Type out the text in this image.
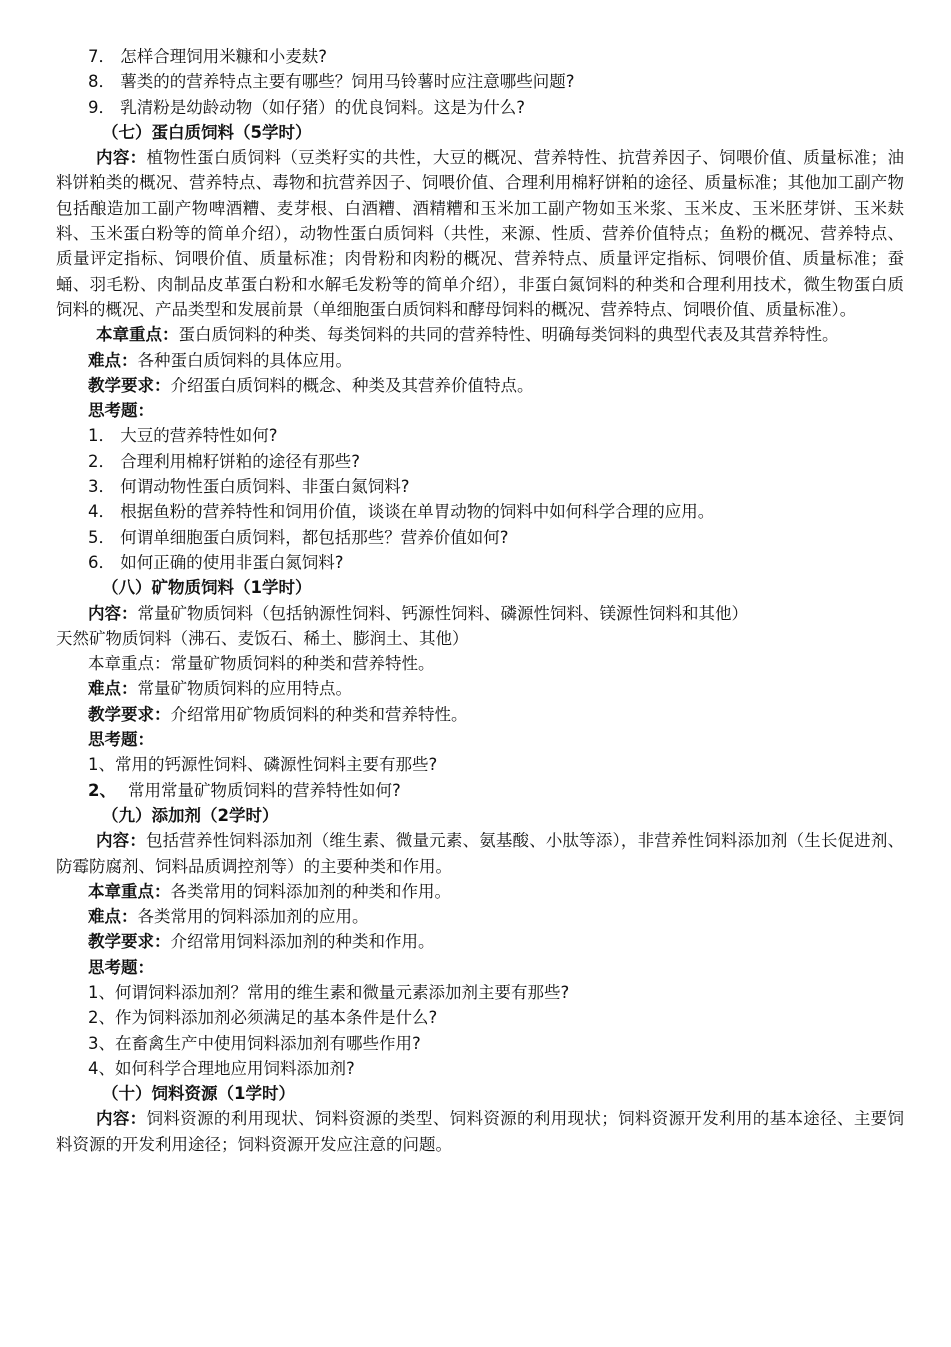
7． 怎样合理饲用米糠和小麦麸?

8． 薯类的的营养特点主要有哪些？饲用马铃薯时应注意哪些问题?

9． 乳清粉是幼龄动物（如仔猪）的优良饲料。这是为什么?

（七）蛋白质饲料（5学时）

内容：植物性蛋白质饲料（豆类籽实的共性，大豆的概况、营养特性、抗营养因子、饲喂价值、质量标准；油料饼粕类的概况、营养特点、毒物和抗营养因子、饲喂价值、合理利用棉籽饼粕的途径、质量标准；其他加工副产物包括酿造加工副产物啤酒糟、麦芽根、白酒糟、酒精糟和玉米加工副产物如玉米浆、玉米皮、玉米胚芽饼、玉米麸料、玉米蛋白粉等的简单介绍），动物性蛋白质饲料（共性，来源、性质、营养价值特点；鱼粉的概况、营养特点、质量评定指标、饲喂价值、质量标准；肉骨粉和肉粉的概况、营养特点、质量评定指标、饲喂价值、质量标准；蚕蛹、羽毛粉、肉制品皮革蛋白粉和水解毛发粉等的简单介绍），非蛋白氮饲料的种类和合理利用技术，微生物蛋白质饲料的概况、产品类型和发展前景（单细胞蛋白质饲料和酵母饲料的概况、营养特点、饲喂价值、质量标准）。

本章重点：蛋白质饲料的种类、每类饲料的共同的营养特性、明确每类饲料的典型代表及其营养特性。

难点：各种蛋白质饲料的具体应用。

教学要求：介绍蛋白质饲料的概念、种类及其营养价值特点。

思考题：

1． 大豆的营养特性如何?

2． 合理利用棉籽饼粕的途径有那些?

3． 何谓动物性蛋白质饲料、非蛋白氮饲料?

4． 根据鱼粉的营养特性和饲用价值，谈谈在单胃动物的饲料中如何科学合理的应用。

5． 何谓单细胞蛋白质饲料，都包括那些？营养价值如何?

6． 如何正确的使用非蛋白氮饲料?

（八）矿物质饲料（1学时）

内容：常量矿物质饲料（包括钠源性饲料、钙源性饲料、磷源性饲料、镁源性饲料和其他）

天然矿物质饲料（沸石、麦饭石、稀土、膨润土、其他）

本章重点：常量矿物质饲料的种类和营养特性。

难点：常量矿物质饲料的应用特点。

教学要求：介绍常用矿物质饲料的种类和营养特性。

思考题：

1、常用的钙源性饲料、磷源性饲料主要有那些?

2、 常用常量矿物质饲料的营养特性如何?

（九）添加剂（2学时）

内容：包括营养性饲料添加剂（维生素、微量元素、氨基酸、小肽等添），非营养性饲料添加剂（生长促进剂、防霉防腐剂、饲料品质调控剂等）的主要种类和作用。

本章重点：各类常用的饲料添加剂的种类和作用。

难点：各类常用的饲料添加剂的应用。

教学要求：介绍常用饲料添加剂的种类和作用。

思考题：

1、何谓饲料添加剂？常用的维生素和微量元素添加剂主要有那些?

2、作为饲料添加剂必须满足的基本条件是什么?

3、在畜禽生产中使用饲料添加剂有哪些作用?

4、如何科学合理地应用饲料添加剂?

（十）饲料资源（1学时）

内容：饲料资源的利用现状、饲料资源的类型、饲料资源的利用现状；饲料资源开发利用的基本途径、主要饲料资源的开发利用途径；饲料资源开发应注意的问题。
